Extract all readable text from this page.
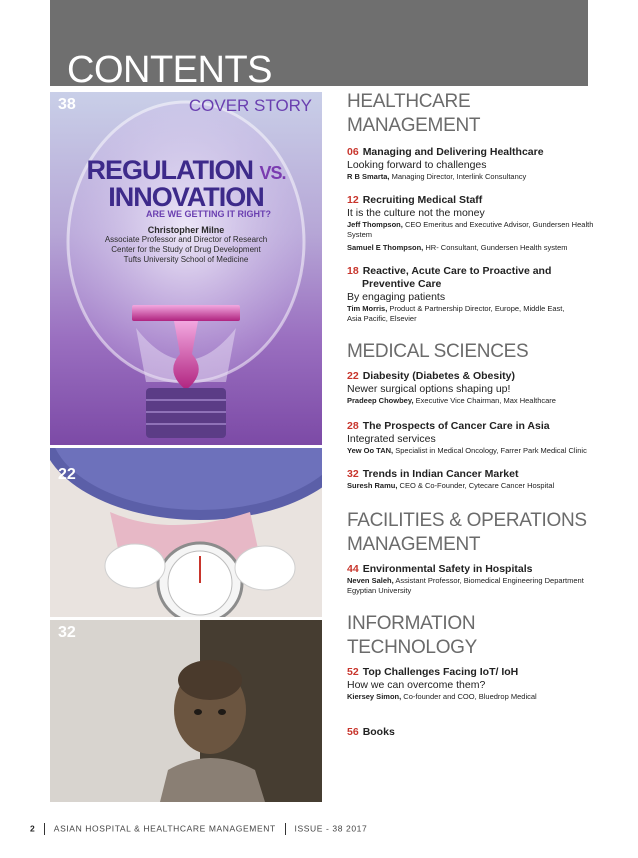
CONTENTS
38	COVER STORY
REGULATION VS.
INNOVATION
ARE WE GETTING IT RIGHT?
Christopher Milne
Associate Professor and Director of Research
Center for the Study of Drug Development
Tufts University School of Medicine
22
32
HEALTHCARE
MANAGEMENT
06 Managing and Delivering Healthcare
Looking forward to challenges
R B Smarta, Managing Director, Interlink Consultancy
12 Recruiting Medical Staff
It is the culture not the money
Jeff Thompson, CEO Emeritus and Executive Advisor, Gundersen Health System
Samuel E Thompson, HR- Consultant, Gundersen Health system
18 Reactive, Acute Care to Proactive and
Preventive Care
By engaging patients
Tim Morris, Product & Partnership Director, Europe, Middle East,
Asia Pacific, Elsevier
MEDICAL SCIENCES
22 Diabesity (Diabetes & Obesity)
Newer surgical options shaping up!
Pradeep Chowbey, Executive Vice Chairman, Max Healthcare
28 The Prospects of Cancer Care in Asia
Integrated services
Yew Oo TAN, Specialist in Medical Oncology, Farrer Park Medical Clinic
32 Trends in Indian Cancer Market
Suresh Ramu, CEO & Co-Founder, Cytecare Cancer Hospital
FACILITIES & OPERATIONS
MANAGEMENT
44 Environmental Safety in Hospitals
Neven Saleh, Assistant Professor, Biomedical Engineering Department
Egyptian University
INFORMATION
TECHNOLOGY
52 Top Challenges Facing IoT/ IoH
How we can overcome them?
Kiersey Simon, Co-founder and COO, Bluedrop Medical
56 Books
2 ASIAN HOSPITAL & HEALTHCARE MANAGEMENT ISSUE - 38 2017
